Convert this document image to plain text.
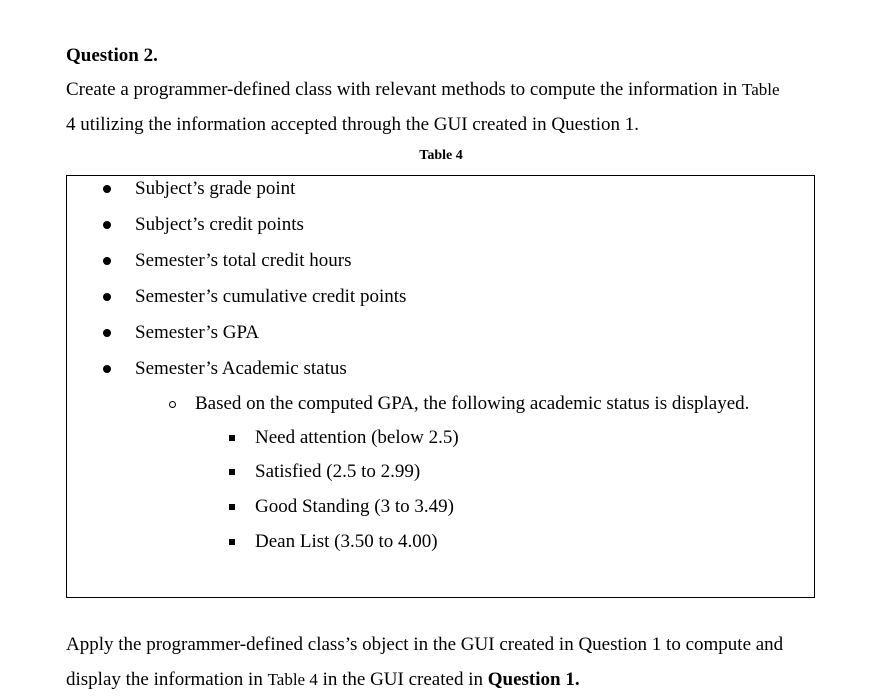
Question 2.
Create a programmer-defined class with relevant methods to compute the information in Table
4 utilizing the information accepted through the GUI created in Question 1.
Table 4
Subject’s grade point
Subject’s credit points
Semester’s total credit hours
Semester’s cumulative credit points
Semester’s GPA
Semester’s Academic status
Based on the computed GPA, the following academic status is displayed.
Need attention (below 2.5)
Satisfied (2.5 to 2.99)
Good Standing (3 to 3.49)
Dean List (3.50 to 4.00)
Apply the programmer-defined class’s object in the GUI created in Question 1 to compute and
display the information in Table 4 in the GUI created in Question 1.
